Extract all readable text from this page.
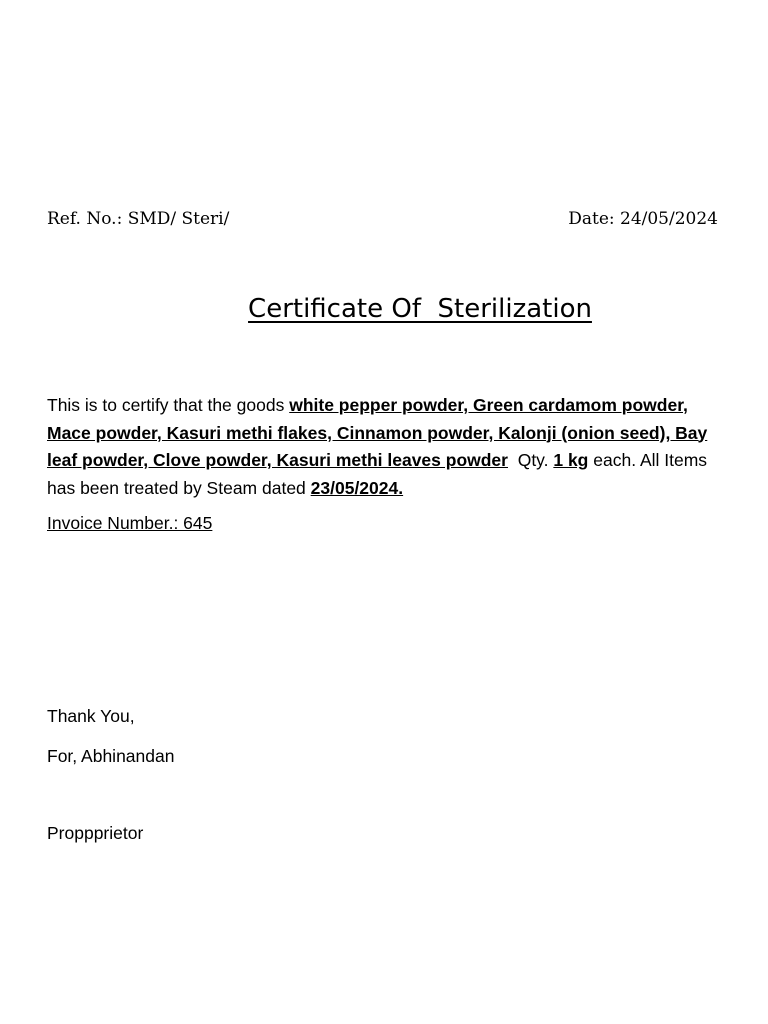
Ref. No.: SMD/ Steri/	Date: 24/05/2024
Certificate Of  Sterilization
This is to certify that the goods white pepper powder, Green cardamom powder, Mace powder, Kasuri methi flakes, Cinnamon powder, Kalonji (onion seed), Bay leaf powder, Clove powder, Kasuri methi leaves powder  Qty. 1 kg each. All Items has been treated by Steam dated 23/05/2024.
Invoice Number.: 645
Thank You,
For, Abhinandan
Proppprietor
